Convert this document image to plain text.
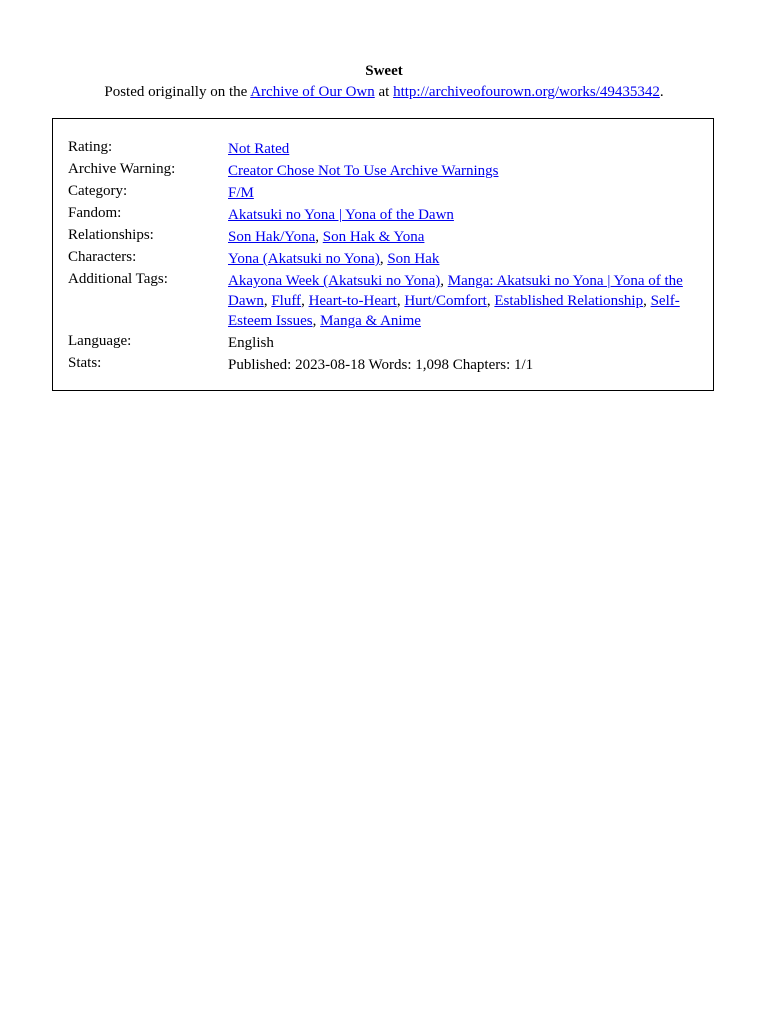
Sweet
Posted originally on the Archive of Our Own at http://archiveofourown.org/works/49435342.
Rating:	Not Rated
Archive Warning:	Creator Chose Not To Use Archive Warnings
Category:	F/M
Fandom:	Akatsuki no Yona | Yona of the Dawn
Relationships:	Son Hak/Yona, Son Hak & Yona
Characters:	Yona (Akatsuki no Yona), Son Hak
Additional Tags:	Akayona Week (Akatsuki no Yona), Manga: Akatsuki no Yona | Yona of the Dawn, Fluff, Heart-to-Heart, Hurt/Comfort, Established Relationship, Self-Esteem Issues, Manga & Anime
Language:	English
Stats:	Published: 2023-08-18 Words: 1,098 Chapters: 1/1
